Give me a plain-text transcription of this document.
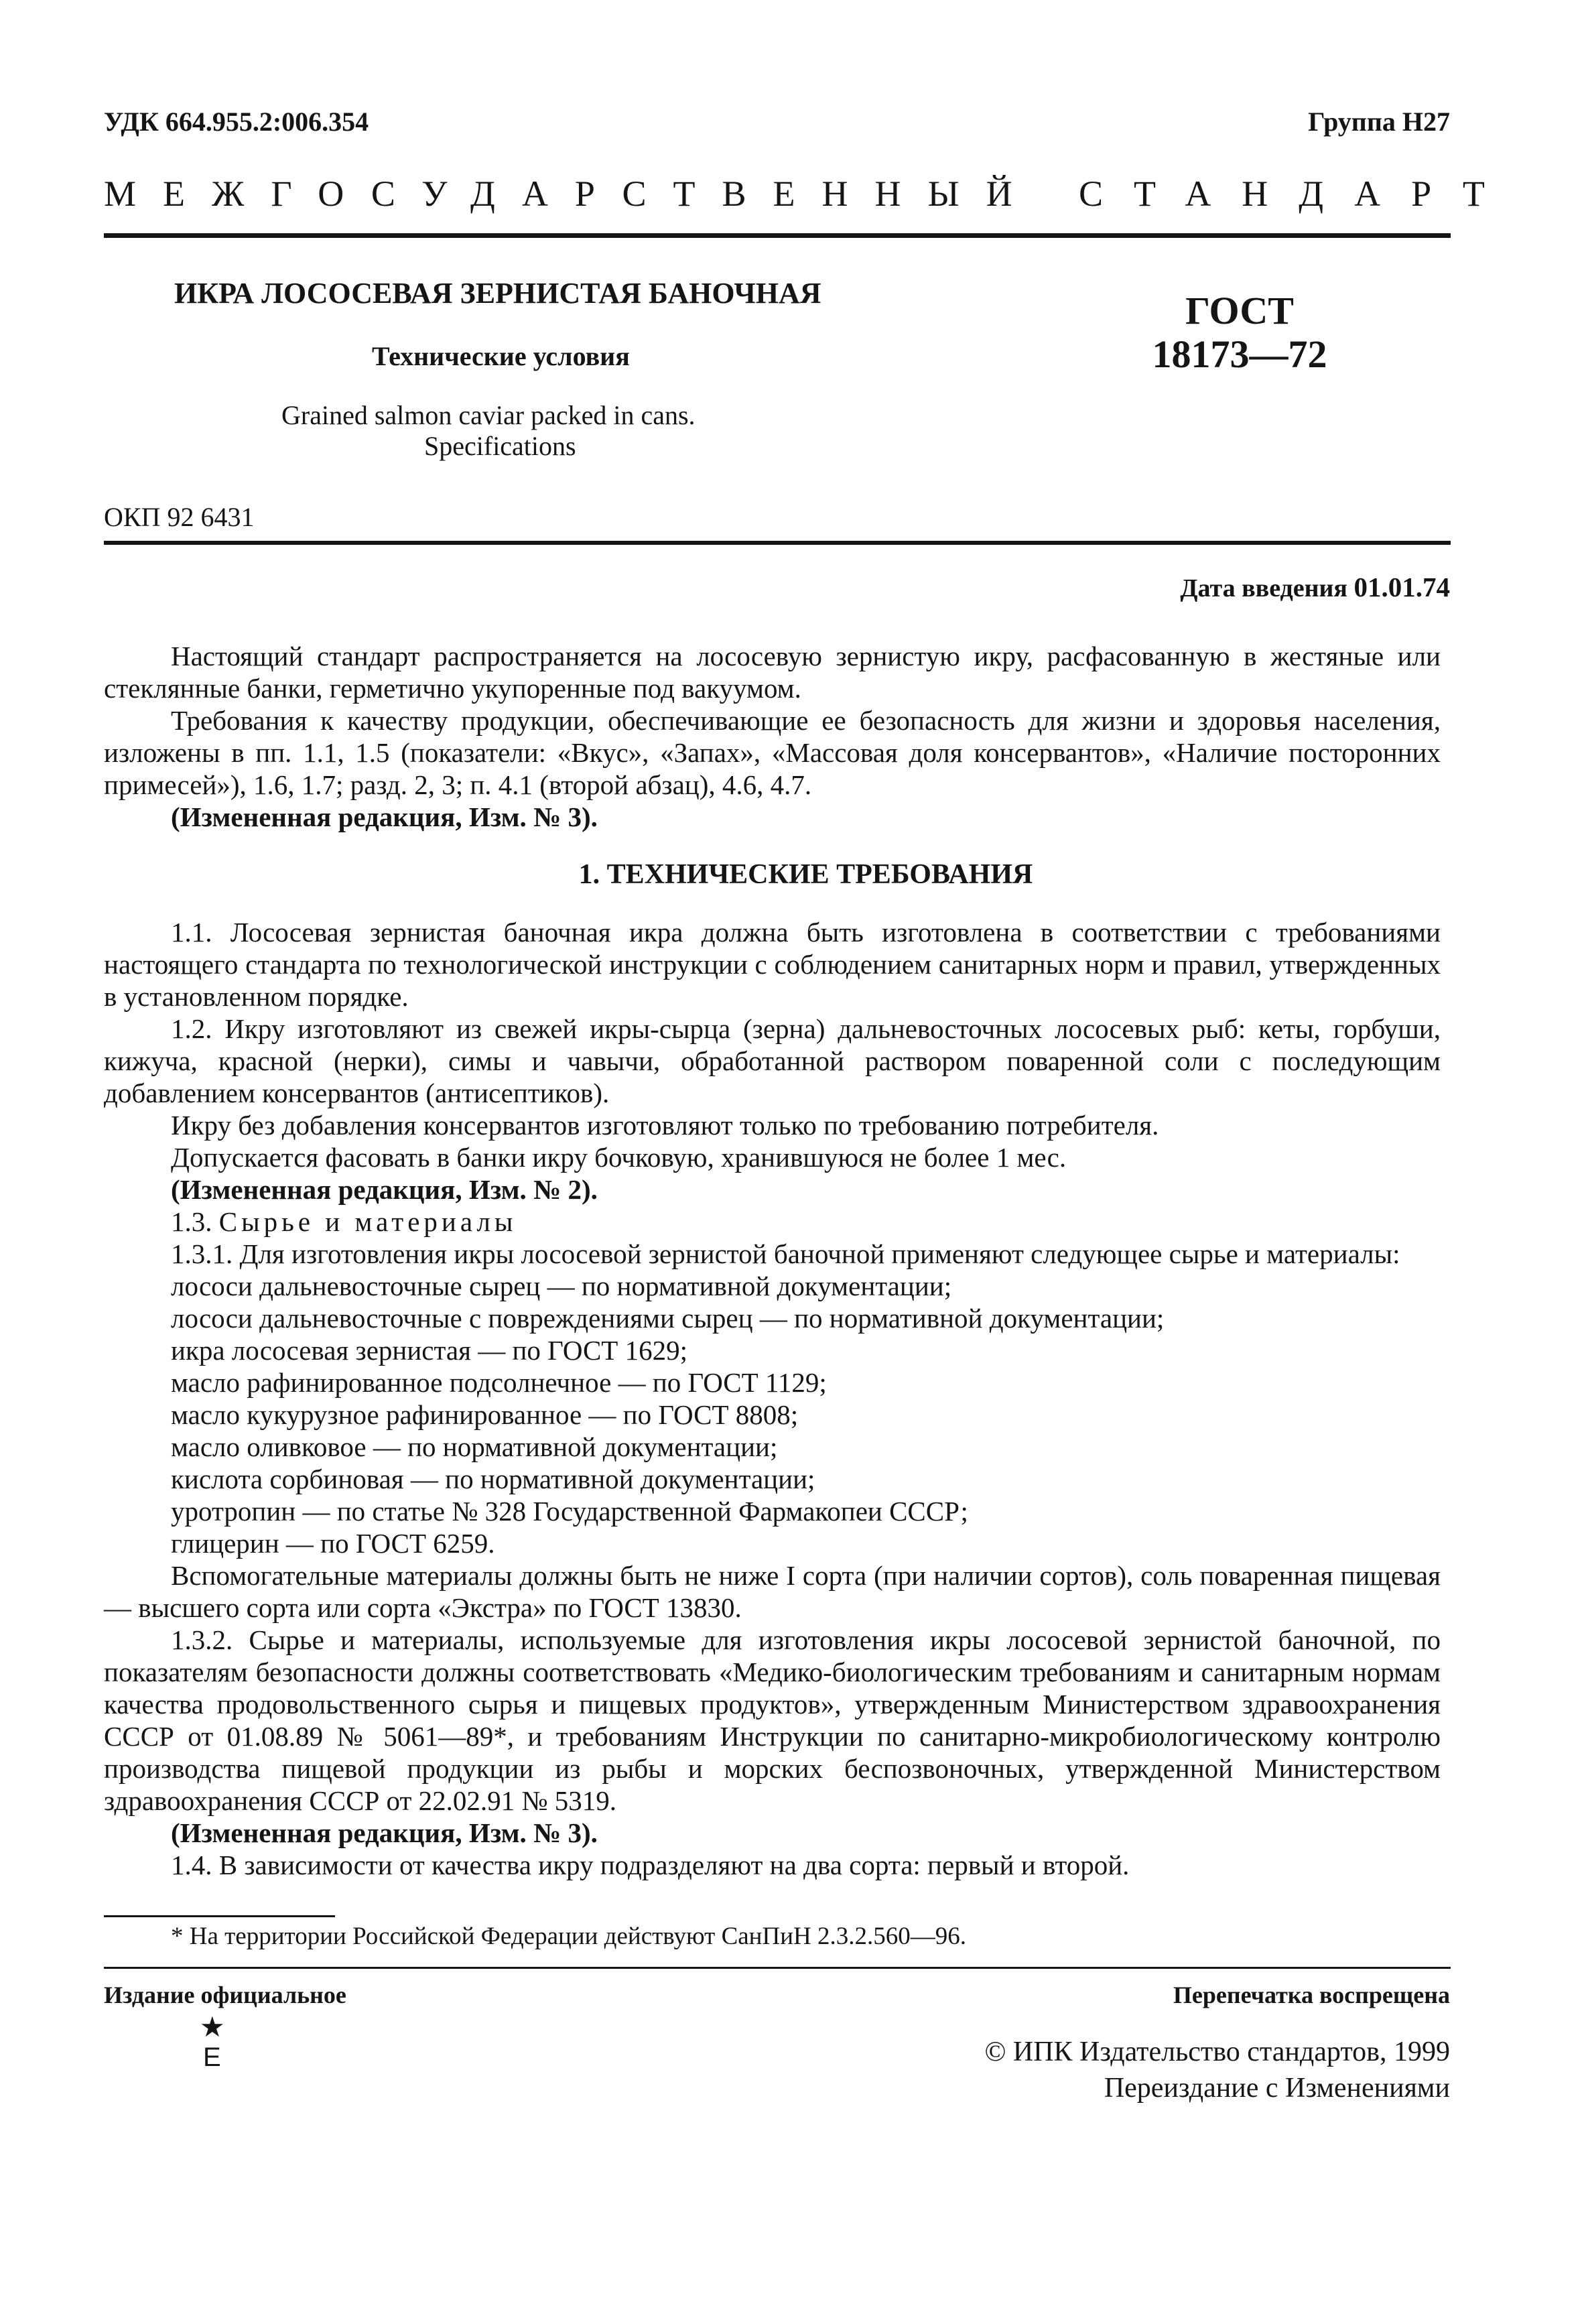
УДК 664.955.2:006.354	Группа Н27
МЕЖГОСУДАРСТВЕННЫЙ СТАНДАРТ
ИКРА ЛОСОСЕВАЯ ЗЕРНИСТАЯ БАНОЧНАЯ
Технические условия
Grained salmon caviar packed in cans.
Specifications
ГОСТ
18173—72
ОКП 92 6431
Дата введения 01.01.74

Настоящий стандарт распространяется на лососевую зернистую икру, расфасованную в жестяные или стеклянные банки, герметично укупоренные под вакуумом.

Требования к качеству продукции, обеспечивающие ее безопасность для жизни и здоровья населения, изложены в пп. 1.1, 1.5 (показатели: «Вкус», «Запах», «Массовая доля консервантов», «Наличие посторонних примесей»), 1.6, 1.7; разд. 2, 3; п. 4.1 (второй абзац), 4.6, 4.7.

(Измененная редакция, Изм. № 3).

1. ТЕХНИЧЕСКИЕ ТРЕБОВАНИЯ

1.1. Лососевая зернистая баночная икра должна быть изготовлена в соответствии с требованиями настоящего стандарта по технологической инструкции с соблюдением санитарных норм и правил, утвержденных в установленном порядке.

1.2. Икру изготовляют из свежей икры-сырца (зерна) дальневосточных лососевых рыб: кеты, горбуши, кижуча, красной (нерки), симы и чавычи, обработанной раствором поваренной соли с последующим добавлением консервантов (антисептиков).

Икру без добавления консервантов изготовляют только по требованию потребителя.

Допускается фасовать в банки икру бочковую, хранившуюся не более 1 мес.

(Измененная редакция, Изм. № 2).

1.3. Сырье и материалы

1.3.1. Для изготовления икры лососевой зернистой баночной применяют следующее сырье и материалы:

лососи дальневосточные сырец — по нормативной документации;

лососи дальневосточные с повреждениями сырец — по нормативной документации;

икра лососевая зернистая — по ГОСТ 1629;

масло рафинированное подсолнечное — по ГОСТ 1129;

масло кукурузное рафинированное — по ГОСТ 8808;

масло оливковое — по нормативной документации;

кислота сорбиновая — по нормативной документации;

уротропин — по статье № 328 Государственной Фармакопеи СССР;

глицерин — по ГОСТ 6259.

Вспомогательные материалы должны быть не ниже I сорта (при наличии сортов), соль поваренная пищевая — высшего сорта или сорта «Экстра» по ГОСТ 13830.

1.3.2. Сырье и материалы, используемые для изготовления икры лососевой зернистой баночной, по показателям безопасности должны соответствовать «Медико-биологическим требованиям и санитарным нормам качества продовольственного сырья и пищевых продуктов», утвержденным Министерством здравоохранения СССР от 01.08.89 № 5061—89*, и требованиям Инструкции по санитарно-микробиологическому контролю производства пищевой продукции из рыбы и морских беспозвоночных, утвержденной Министерством здравоохранения СССР от 22.02.91 № 5319.

(Измененная редакция, Изм. № 3).

1.4. В зависимости от качества икру подразделяют на два сорта: первый и второй.

* На территории Российской Федерации действуют СанПиН 2.3.2.560—96.
Издание официальное
★
Е
Перепечатка воспрещена
© ИПК Издательство стандартов, 1999
Переиздание с Изменениями
